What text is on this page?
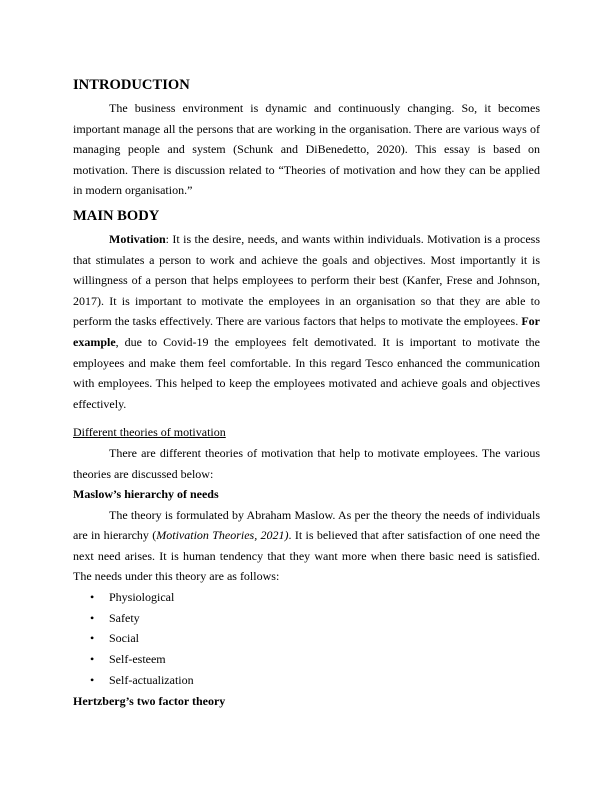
INTRODUCTION

The business environment is dynamic and continuously changing. So, it becomes important manage all the persons that are working in the organisation. There are various ways of managing people and system (Schunk and DiBenedetto, 2020). This essay is based on motivation. There is discussion related to “Theories of motivation and how they can be applied in modern organisation.”

MAIN BODY

Motivation: It is the desire, needs, and wants within individuals. Motivation is a process that stimulates a person to work and achieve the goals and objectives. Most importantly it is willingness of a person that helps employees to perform their best (Kanfer, Frese and Johnson, 2017). It is important to motivate the employees in an organisation so that they are able to perform the tasks effectively. There are various factors that helps to motivate the employees. For example, due to Covid-19 the employees felt demotivated. It is important to motivate the employees and make them feel comfortable. In this regard Tesco enhanced the communication with employees. This helped to keep the employees motivated and achieve goals and objectives effectively.

Different theories of motivation

There are different theories of motivation that help to motivate employees. The various theories are discussed below:

Maslow’s hierarchy of needs

The theory is formulated by Abraham Maslow. As per the theory the needs of individuals are in hierarchy (Motivation Theories, 2021). It is believed that after satisfaction of one need the next need arises. It is human tendency that they want more when there basic need is satisfied. The needs under this theory are as follows:

• Physiological
• Safety
• Social
• Self-esteem
• Self-actualization

Hertzberg’s two factor theory
